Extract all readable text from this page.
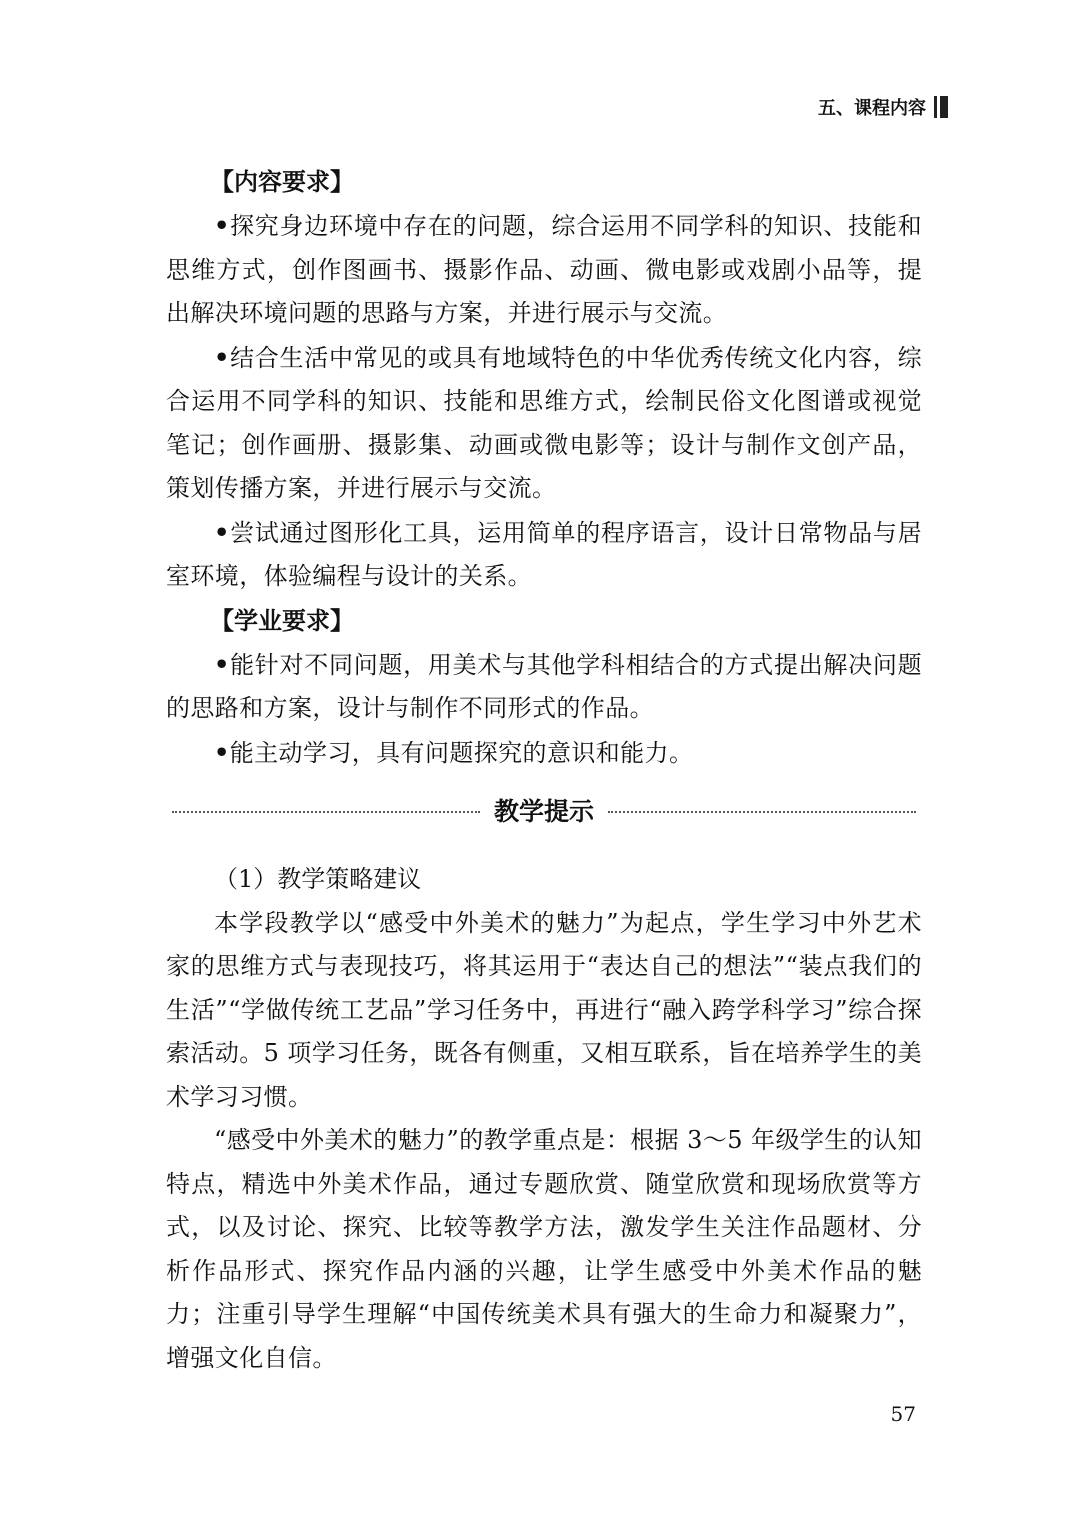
五、课程内容
【内容要求】

•探究身边环境中存在的问题，综合运用不同学科的知识、技能和思维方式，创作图画书、摄影作品、动画、微电影或戏剧小品等，提出解决环境问题的思路与方案，并进行展示与交流。

•结合生活中常见的或具有地域特色的中华优秀传统文化内容，综合运用不同学科的知识、技能和思维方式，绘制民俗文化图谱或视觉笔记；创作画册、摄影集、动画或微电影等；设计与制作文创产品，策划传播方案，并进行展示与交流。

•尝试通过图形化工具，运用简单的程序语言，设计日常物品与居室环境，体验编程与设计的关系。

【学业要求】

•能针对不同问题，用美术与其他学科相结合的方式提出解决问题的思路和方案，设计与制作不同形式的作品。

•能主动学习，具有问题探究的意识和能力。

教学提示

（1）教学策略建议

本学段教学以“感受中外美术的魅力”为起点，学生学习中外艺术家的思维方式与表现技巧，将其运用于“表达自己的想法”“装点我们的生活”“学做传统工艺品”学习任务中，再进行“融入跨学科学习”综合探索活动。5 项学习任务，既各有侧重，又相互联系，旨在培养学生的美术学习习惯。

“感受中外美术的魅力”的教学重点是：根据 3～5 年级学生的认知特点，精选中外美术作品，通过专题欣赏、随堂欣赏和现场欣赏等方式，以及讨论、探究、比较等教学方法，激发学生关注作品题材、分析作品形式、探究作品内涵的兴趣，让学生感受中外美术作品的魅力；注重引导学生理解“中国传统美术具有强大的生命力和凝聚力”，增强文化自信。

57
